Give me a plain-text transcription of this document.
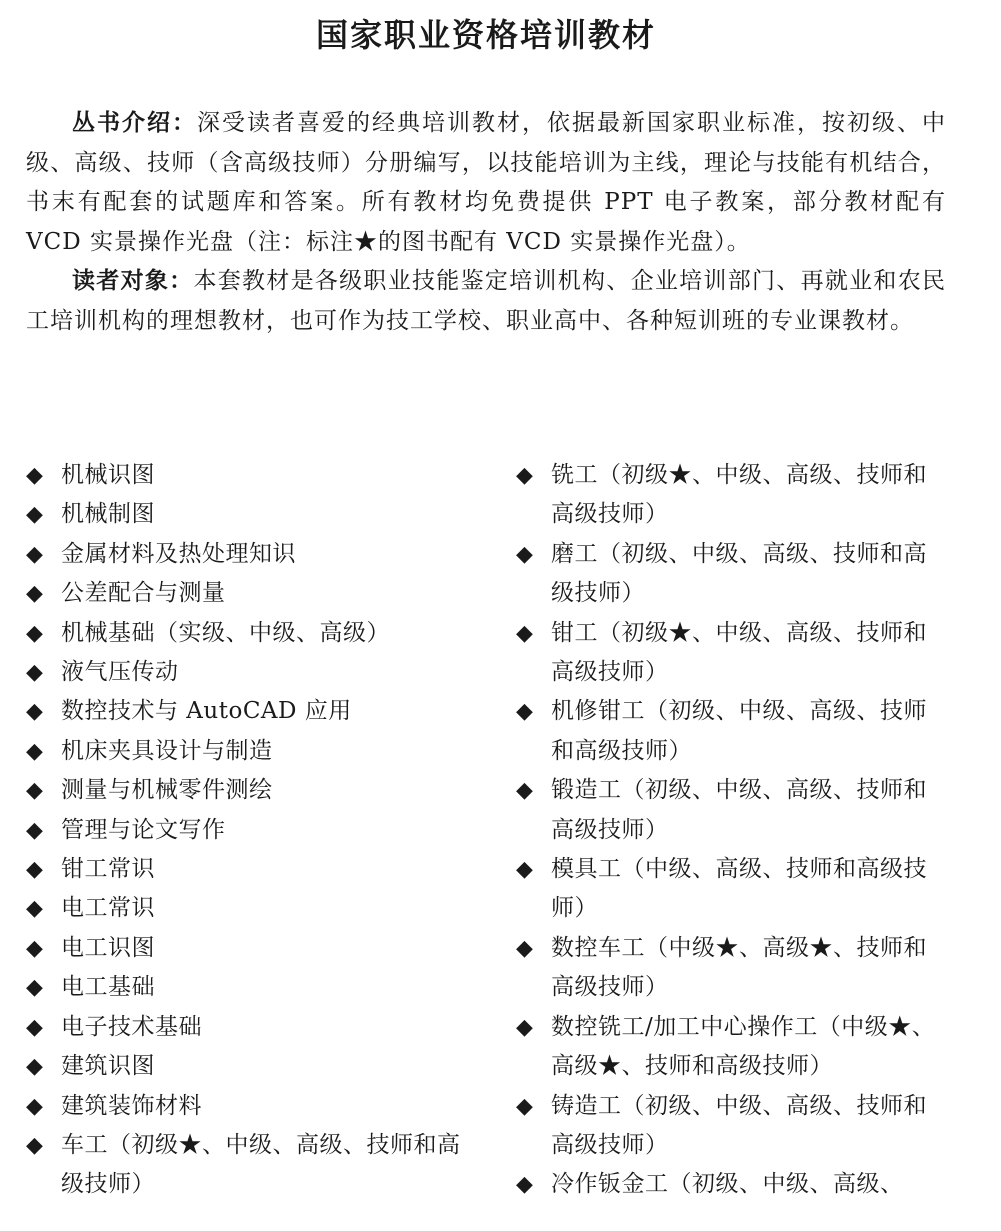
国家职业资格培训教材

丛书介绍：深受读者喜爱的经典培训教材，依据最新国家职业标准，按初级、中级、高级、技师（含高级技师）分册编写，以技能培训为主线，理论与技能有机结合，书末有配套的试题库和答案。所有教材均免费提供 PPT 电子教案，部分教材配有 VCD 实景操作光盘（注：标注★的图书配有 VCD 实景操作光盘）。

读者对象：本套教材是各级职业技能鉴定培训机构、企业培训部门、再就业和农民工培训机构的理想教材，也可作为技工学校、职业高中、各种短训班的专业课教材。

◆ 机械识图
◆ 机械制图
◆ 金属材料及热处理知识
◆ 公差配合与测量
◆ 机械基础（实级、中级、高级）
◆ 液气压传动
◆ 数控技术与 AutoCAD 应用
◆ 机床夹具设计与制造
◆ 测量与机械零件测绘
◆ 管理与论文写作
◆ 钳工常识
◆ 电工常识
◆ 电工识图
◆ 电工基础
◆ 电子技术基础
◆ 建筑识图
◆ 建筑装饰材料
◆ 车工（初级★、中级、高级、技师和高级技师）
◆ 铣工（初级★、中级、高级、技师和高级技师）
◆ 磨工（初级、中级、高级、技师和高级技师）
◆ 钳工（初级★、中级、高级、技师和高级技师）
◆ 机修钳工（初级、中级、高级、技师和高级技师）
◆ 锻造工（初级、中级、高级、技师和高级技师）
◆ 模具工（中级、高级、技师和高级技师）
◆ 数控车工（中级★、高级★、技师和高级技师）
◆ 数控铣工/加工中心操作工（中级★、高级★、技师和高级技师）
◆ 铸造工（初级、中级、高级、技师和高级技师）
◆ 冷作钣金工（初级、中级、高级、
